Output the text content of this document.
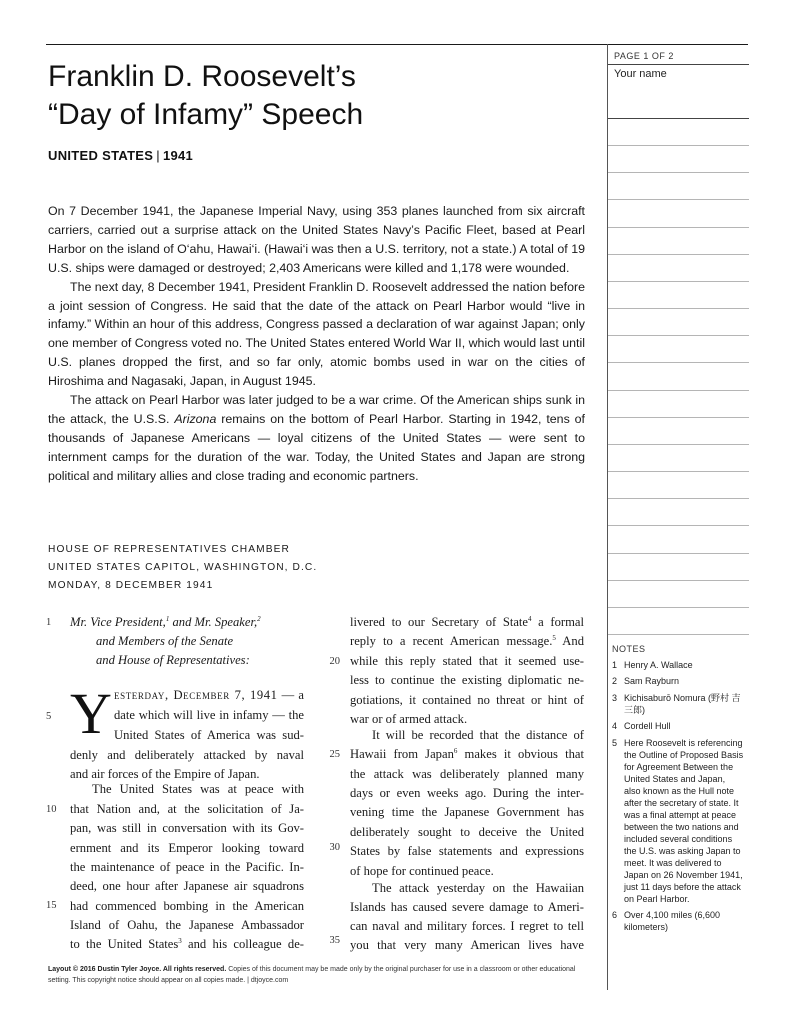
Franklin D. Roosevelt’s
“Day of Infamy” Speech
UNITED STATES | 1941

On 7 December 1941, the Japanese Imperial Navy, using 353 planes launched from six aircraft carriers, carried out a surprise attack on the United States Navy’s Pacific Fleet, based at Pearl Harbor on the island of O‘ahu, Hawai‘i. (Hawai‘i was then a U.S. territory, not a state.) A total of 19 U.S. ships were damaged or destroyed; 2,403 Americans were killed and 1,178 were wounded.

The next day, 8 December 1941, President Franklin D. Roosevelt addressed the nation before a joint session of Congress. He said that the date of the attack on Pearl Harbor would “live in infamy.” Within an hour of this address, Congress passed a declaration of war against Japan; only one member of Congress voted no. The United States entered World War II, which would last until U.S. planes dropped the first, and so far only, atomic bombs used in war on the cities of Hiroshima and Nagasaki, Japan, in August 1945.

The attack on Pearl Harbor was later judged to be a war crime. Of the American ships sunk in the attack, the U.S.S. Arizona remains on the bottom of Pearl Harbor. Starting in 1942, tens of thousands of Japanese Americans — loyal citizens of the United States — were sent to internment camps for the duration of the war. Today, the United States and Japan are strong political and military allies and close trading and economic partners.

HOUSE OF REPRESENTATIVES CHAMBER
UNITED STATES CAPITOL, WASHINGTON, D.C.
MONDAY, 8 DECEMBER 1941
1
5
10
15
20
25
30
35
Mr. Vice President,$^1$ and Mr. Speaker,$^2$
and Members of the Senate
and House of Representatives:
Y esterday, December 7, 1941 — a
date which will live in infamy — the
United States of America was sud-
denly and deliberately attacked by naval
and air forces of the Empire of Japan.
The United States was at peace with
that Nation and, at the solicitation of Ja-
pan, was still in conversation with its Gov-
ernment and its Emperor looking toward
the maintenance of peace in the Pacific. In-
deed, one hour after Japanese air squadrons
had commenced bombing in the American
Island of Oahu, the Japanese Ambassador
to the United States$^3$ and his colleague de-
livered to our Secretary of State$^4$ a formal
reply to a recent American message.$^5$ And
while this reply stated that it seemed use-
less to continue the existing diplomatic ne-
gotiations, it contained no threat or hint of
war or of armed attack.
It will be recorded that the distance of
Hawaii from Japan$^6$ makes it obvious that
the attack was deliberately planned many
days or even weeks ago. During the inter-
vening time the Japanese Government has
deliberately sought to deceive the United
States by false statements and expressions
of hope for continued peace.
The attack yesterday on the Hawaiian
Islands has caused severe damage to Ameri-
can naval and military forces. I regret to tell
you that very many American lives have
Layout © 2016 Dustin Tyler Joyce. All rights reserved. Copies of this document may be made only by the original purchaser for use in a classroom or other educational setting. This copyright notice should appear on all copies made. | dtjoyce.com
PAGE 1 OF 2
Your name
NOTES
1 Henry A. Wallace
2 Sam Rayburn
3 Kichisaburō Nomura (野村 吉三郎)
4 Cordell Hull
5 Here Roosevelt is referencing the Outline of Proposed Basis for Agreement Between the United States and Japan, also known as the Hull note after the secretary of state. It was a final attempt at peace between the two nations and included several conditions the U.S. was asking Japan to meet. It was delivered to Japan on 26 November 1941, just 11 days before the attack on Pearl Harbor.
6 Over 4,100 miles (6,600 kilometers)
